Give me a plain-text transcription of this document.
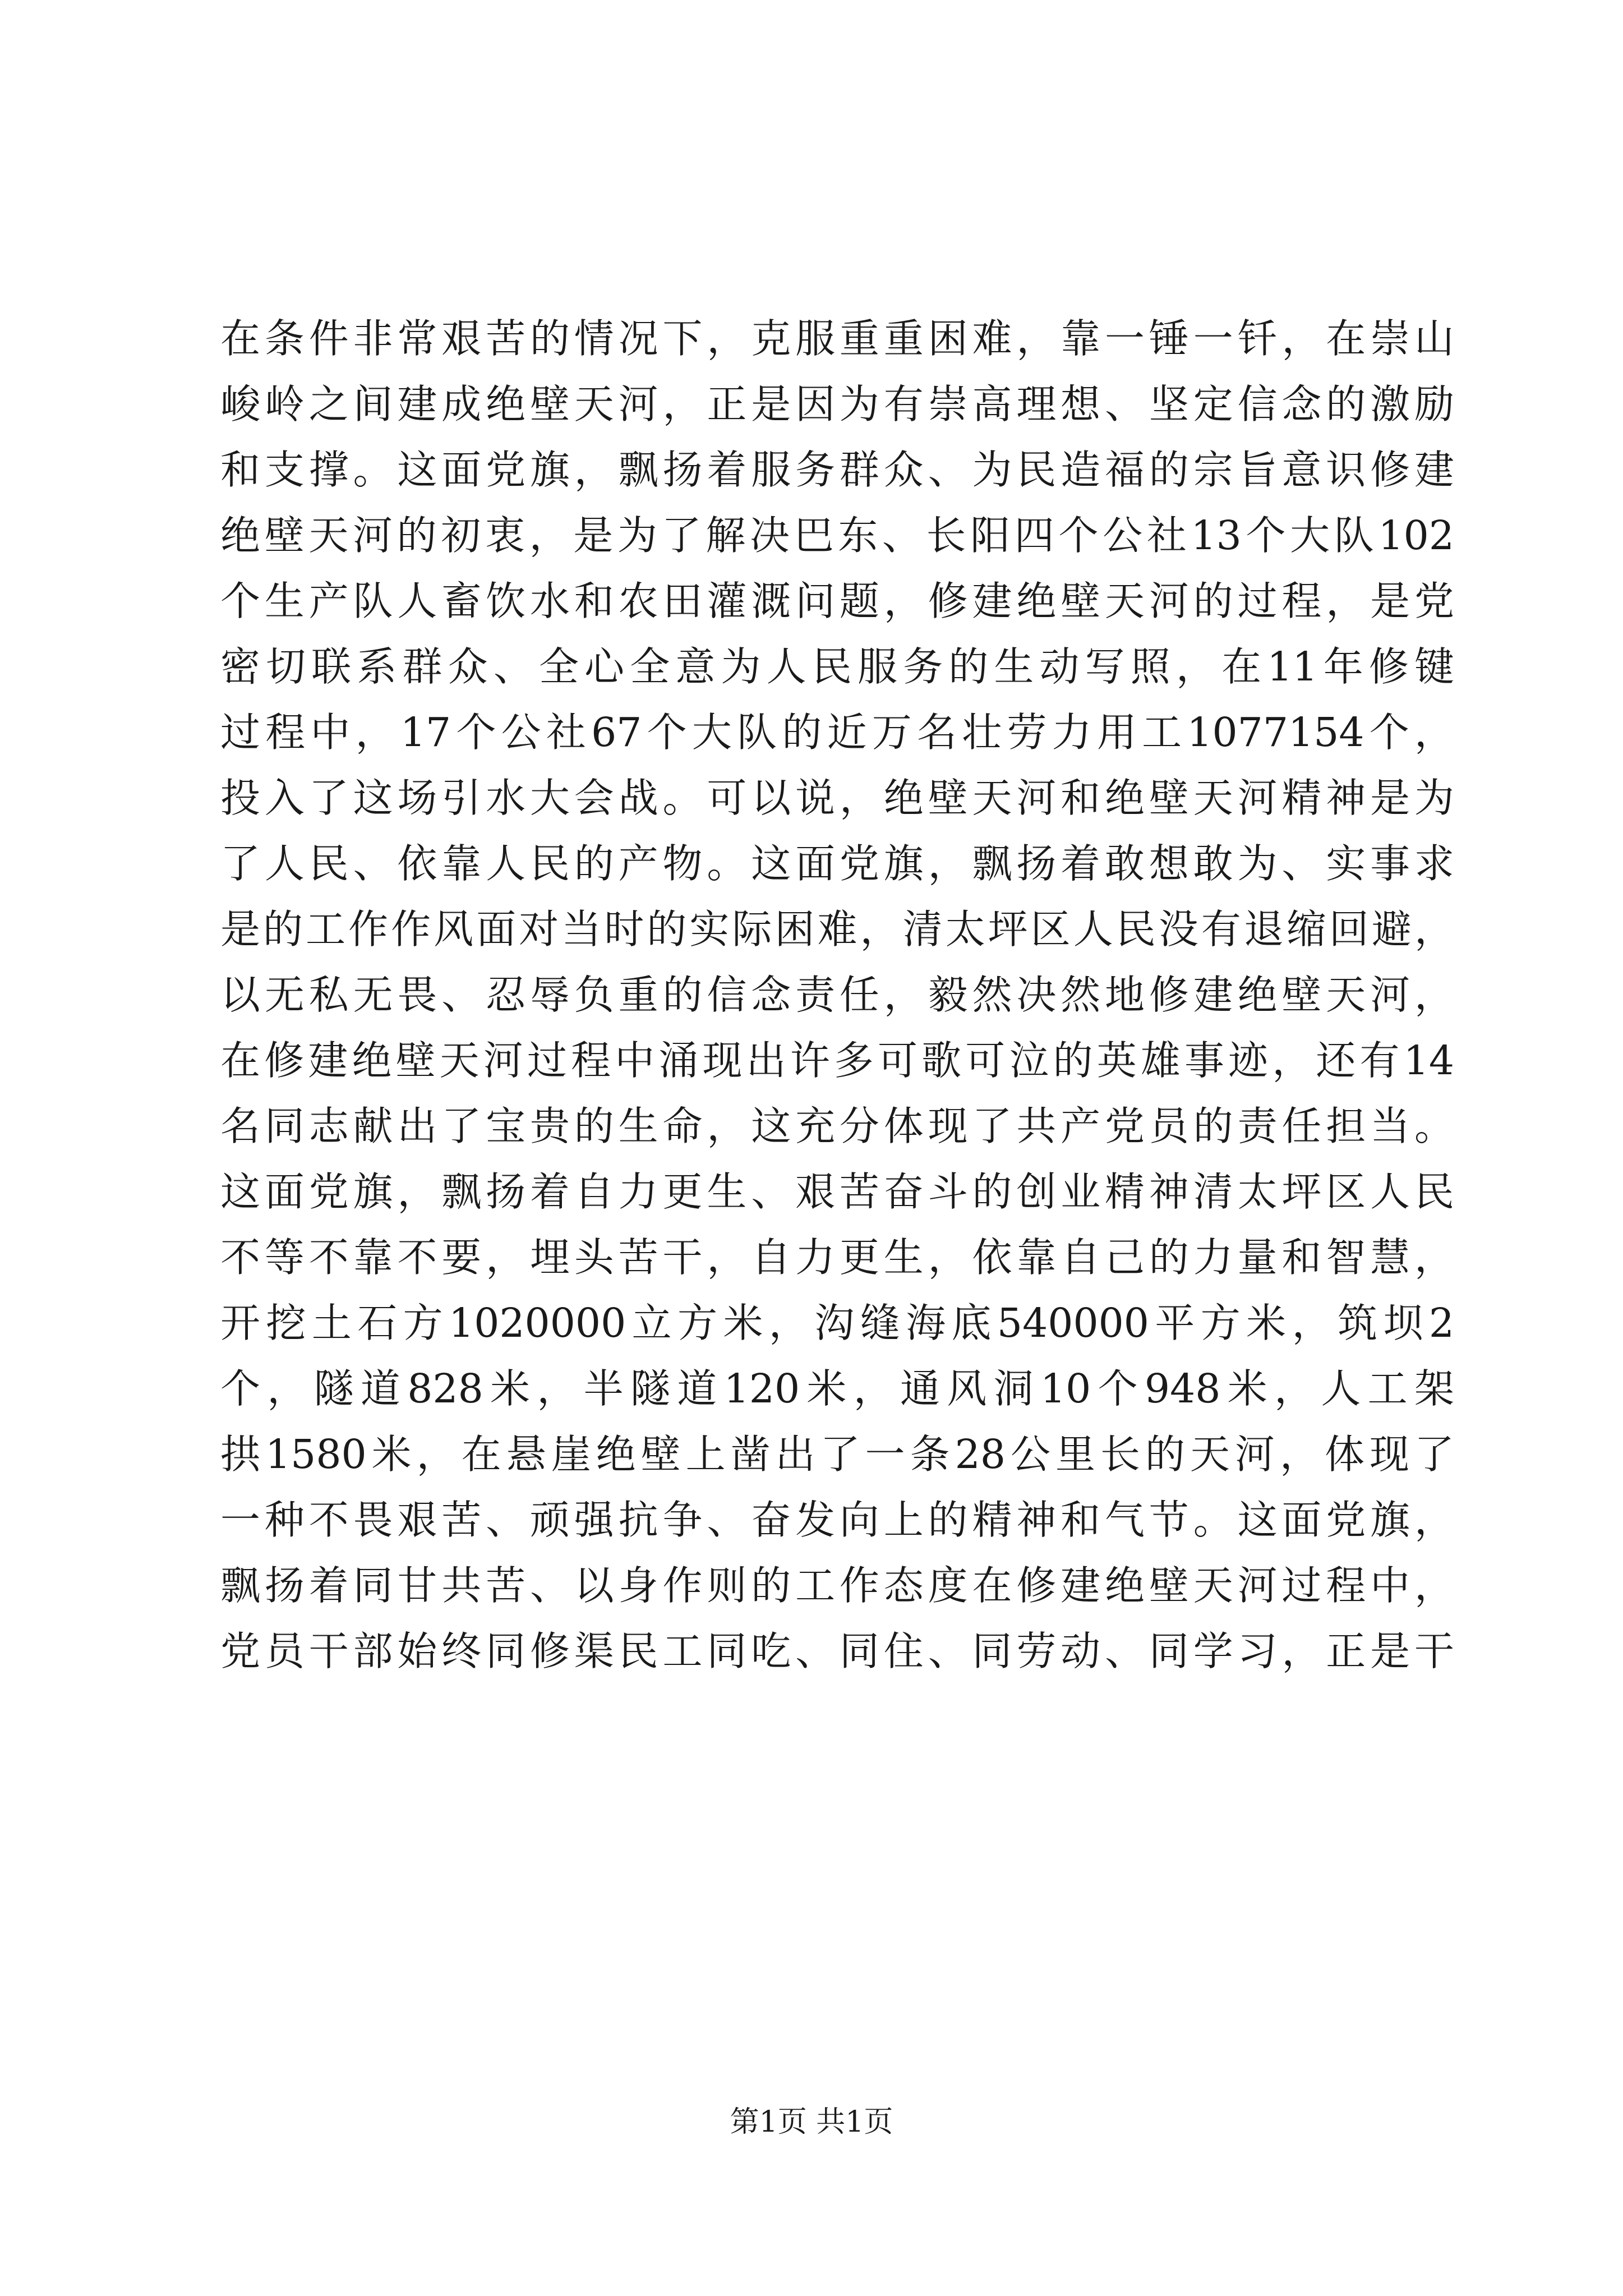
在条件非常艰苦的情况下，克服重重困难，靠一锤一钎，在崇山
峻岭之间建成绝壁天河，正是因为有崇高理想、坚定信念的激励
和支撑。这面党旗，飘扬着服务群众、为民造福的宗旨意识修建
绝壁天河的初衷，是为了解决巴东、长阳四个公社13个大队102
个生产队人畜饮水和农田灌溉问题，修建绝壁天河的过程，是党
密切联系群众、全心全意为人民服务的生动写照，在11年修键
过程中，17个公社67个大队的近万名壮劳力用工1077154个，
投入了这场引水大会战。可以说，绝壁天河和绝壁天河精神是为
了人民、依靠人民的产物。这面党旗，飘扬着敢想敢为、实事求
是的工作作风面对当时的实际困难，清太坪区人民没有退缩回避，
以无私无畏、忍辱负重的信念责任，毅然决然地修建绝壁天河，
在修建绝壁天河过程中涌现出许多可歌可泣的英雄事迹，还有14
名同志献出了宝贵的生命，这充分体现了共产党员的责任担当。
这面党旗，飘扬着自力更生、艰苦奋斗的创业精神清太坪区人民
不等不靠不要，埋头苦干，自力更生，依靠自己的力量和智慧，
开挖土石方1020000立方米，沟缝海底540000平方米，筑坝2
个，隧道828米，半隧道120米，通风洞10个948米，人工架
拱1580米，在悬崖绝壁上凿出了一条28公里长的天河，体现了
一种不畏艰苦、顽强抗争、奋发向上的精神和气节。这面党旗，
飘扬着同甘共苦、以身作则的工作态度在修建绝壁天河过程中，
党员干部始终同修渠民工同吃、同住、同劳动、同学习，正是干
第1页 共1页
